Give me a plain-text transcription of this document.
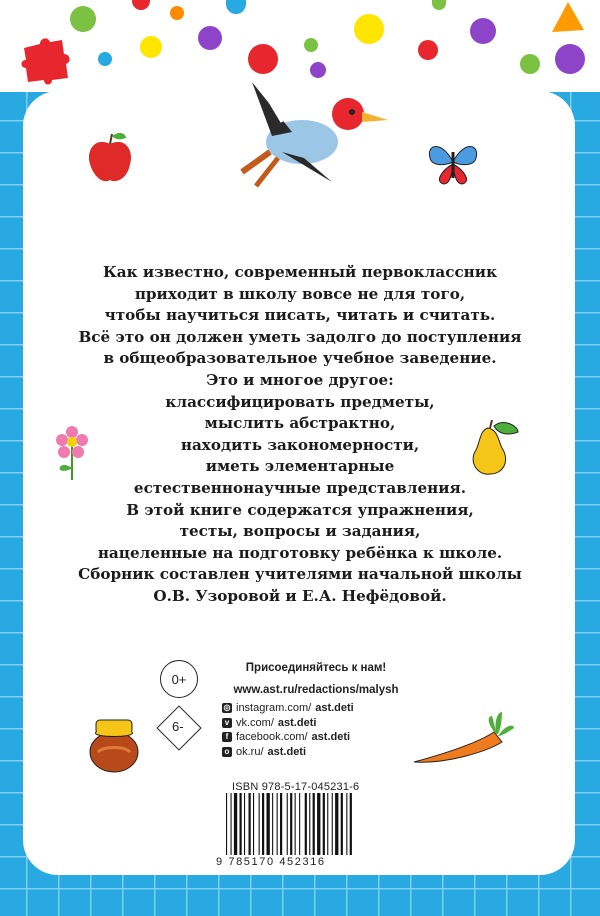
Как известно, современный первоклассник
приходит в школу вовсе не для того,
чтобы научиться писать, читать и считать.
Всё это он должен уметь задолго до поступления
в общеобразовательное учебное заведение.
Это и многое другое:
классифицировать предметы,
мыслить абстрактно,
находить закономерности,
иметь элементарные
естественнонаучные представления.
В этой книге содержатся упражнения,
тесты, вопросы и задания,
нацеленные на подготовку ребёнка к школе.
Сборник составлен учителями начальной школы
О.В. Узоровой и Е.А. Нефёдовой.
0+
6-
Присоединяйтесь к нам!
www.ast.ru/redactions/malysh
◎ instagram.com/ ast.deti
v vk.com/ ast.deti
f facebook.com/ ast.deti
o ok.ru/ ast.deti
ISBN 978-5-17-045231-6
9 785170 452316
